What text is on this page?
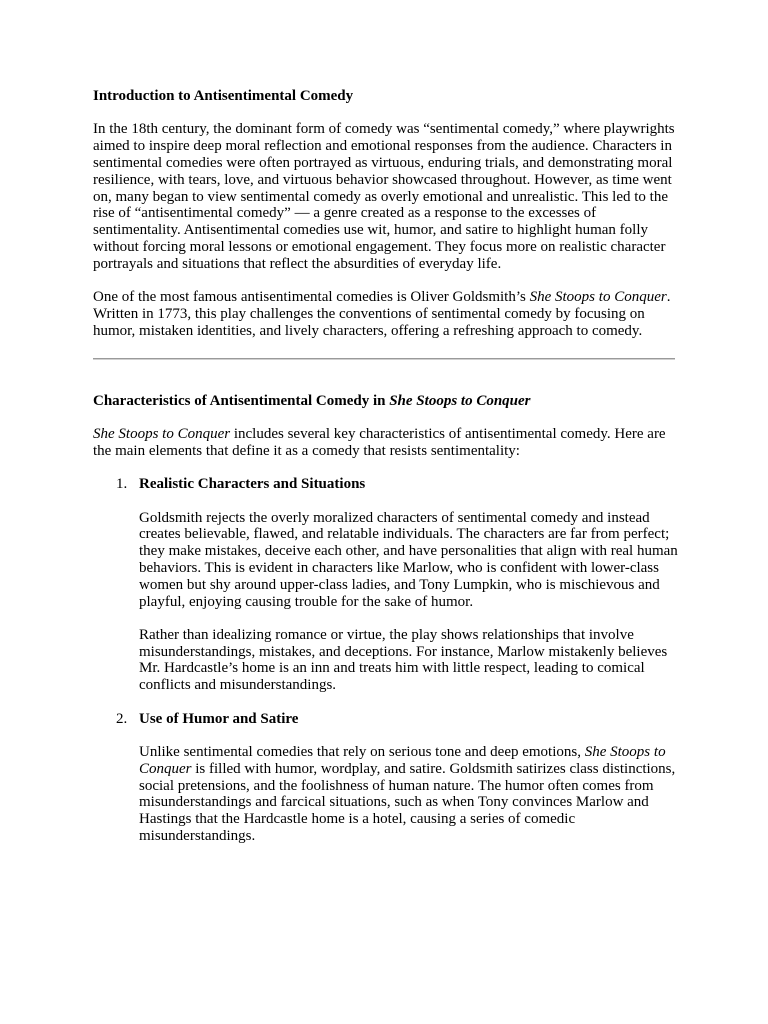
Introduction to Antisentimental Comedy

In the 18th century, the dominant form of comedy was “sentimental comedy,” where playwrights aimed to inspire deep moral reflection and emotional responses from the audience. Characters in sentimental comedies were often portrayed as virtuous, enduring trials, and demonstrating moral resilience, with tears, love, and virtuous behavior showcased throughout. However, as time went on, many began to view sentimental comedy as overly emotional and unrealistic. This led to the rise of “antisentimental comedy” — a genre created as a response to the excesses of sentimentality. Antisentimental comedies use wit, humor, and satire to highlight human folly without forcing moral lessons or emotional engagement. They focus more on realistic character portrayals and situations that reflect the absurdities of everyday life.

One of the most famous antisentimental comedies is Oliver Goldsmith’s She Stoops to Conquer. Written in 1773, this play challenges the conventions of sentimental comedy by focusing on humor, mistaken identities, and lively characters, offering a refreshing approach to comedy.

Characteristics of Antisentimental Comedy in She Stoops to Conquer

She Stoops to Conquer includes several key characteristics of antisentimental comedy. Here are the main elements that define it as a comedy that resists sentimentality:

1. Realistic Characters and Situations

Goldsmith rejects the overly moralized characters of sentimental comedy and instead creates believable, flawed, and relatable individuals. The characters are far from perfect; they make mistakes, deceive each other, and have personalities that align with real human behaviors. This is evident in characters like Marlow, who is confident with lower-class women but shy around upper-class ladies, and Tony Lumpkin, who is mischievous and playful, enjoying causing trouble for the sake of humor.

Rather than idealizing romance or virtue, the play shows relationships that involve misunderstandings, mistakes, and deceptions. For instance, Marlow mistakenly believes Mr. Hardcastle’s home is an inn and treats him with little respect, leading to comical conflicts and misunderstandings.

2. Use of Humor and Satire

Unlike sentimental comedies that rely on serious tone and deep emotions, She Stoops to Conquer is filled with humor, wordplay, and satire. Goldsmith satirizes class distinctions, social pretensions, and the foolishness of human nature. The humor often comes from misunderstandings and farcical situations, such as when Tony convinces Marlow and Hastings that the Hardcastle home is a hotel, causing a series of comedic misunderstandings.
